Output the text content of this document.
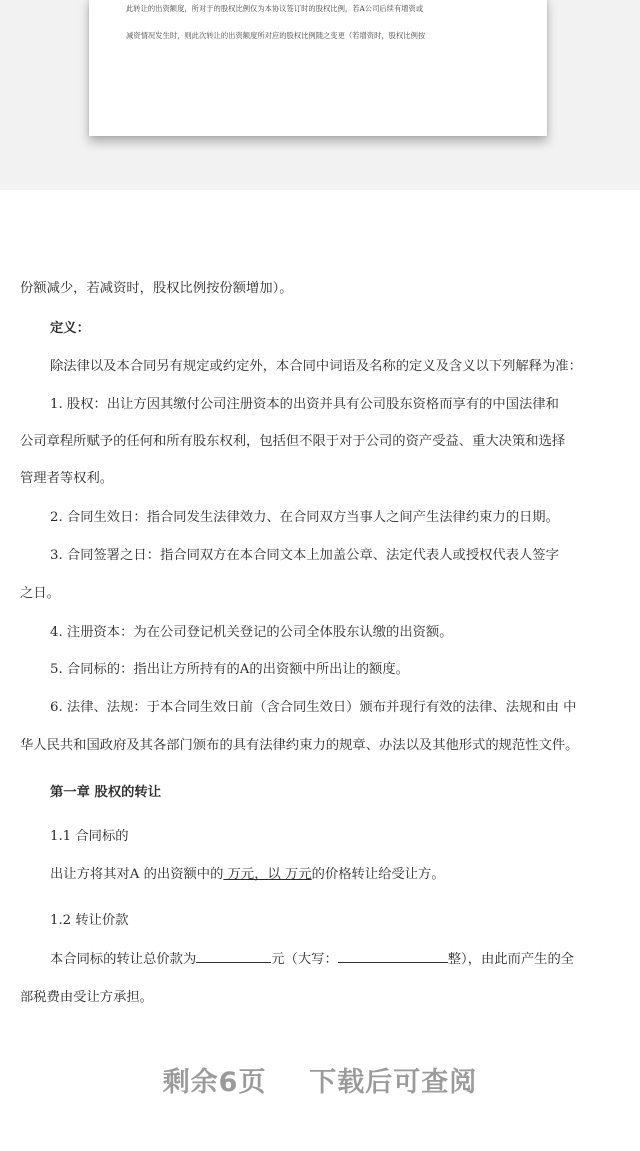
此转让的出资额度，所对于的股权比例仅为本协议签订时的股权比例，若A公司后续有增资或
减资情况发生时，则此次转让的出资额度所对应的股权比例随之变更（若增资时，股权比例按
份额减少，若减资时，股权比例按份额增加）。
定义：
除法律以及本合同另有规定或约定外，本合同中词语及名称的定义及含义以下列解释为准：
1. 股权：出让方因其缴付公司注册资本的出资并具有公司股东资格而享有的中国法律和
公司章程所赋予的任何和所有股东权利，包括但不限于对于公司的资产受益、重大决策和选择
管理者等权利。
2. 合同生效日：指合同发生法律效力、在合同双方当事人之间产生法律约束力的日期。
3. 合同签署之日：指合同双方在本合同文本上加盖公章、法定代表人或授权代表人签字
之日。
4. 注册资本：为在公司登记机关登记的公司全体股东认缴的出资额。
5. 合同标的：指出让方所持有的A的出资额中所出让的额度。
6. 法律、法规：于本合同生效日前（含合同生效日）颁布并现行有效的法律、法规和由 中
华人民共和国政府及其各部门颁布的具有法律约束力的规章、办法以及其他形式的规范性文件。
第一章 股权的转让
1.1 合同标的
出让方将其对A 的出资额中的 万元，以 万元的价格转让给受让方。
1.2 转让价款
本合同标的转让总价款为	元（大写：	整），由此而产生的全
部税费由受让方承担。
剩余6页 下载后可查阅
